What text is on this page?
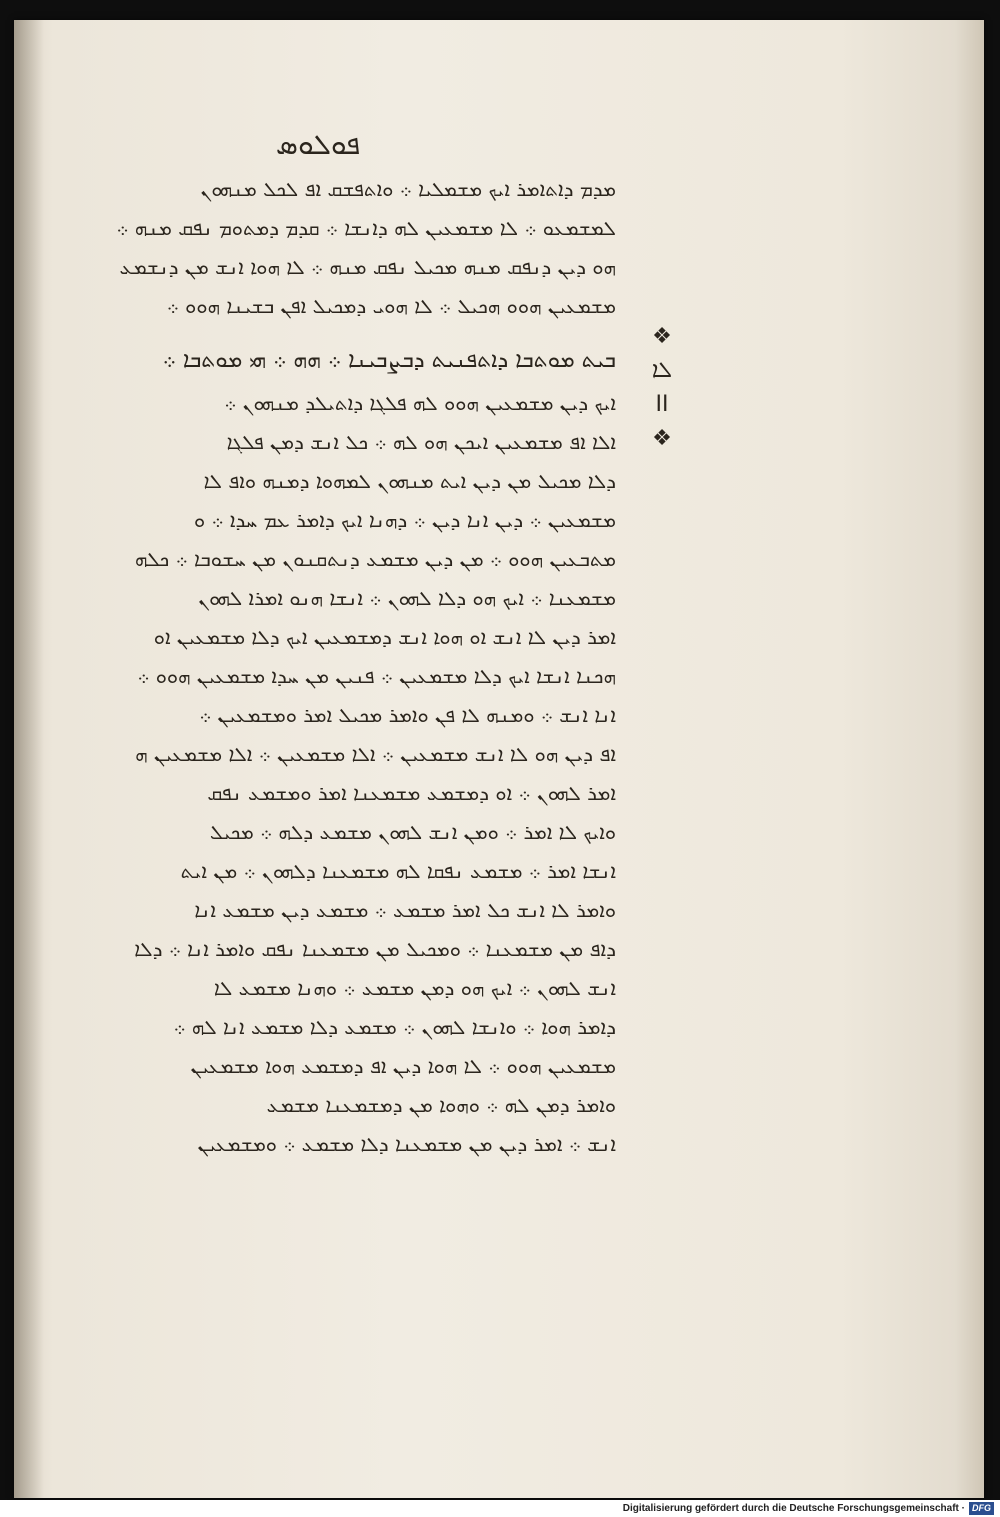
ܦܘܠܘܣ
ܡܕܡ ܕܐܬܐܡܪ ܐܝܟ ܡܫܡܠܝܐ ܀ ܘܐܬܦܫܩ ܐܦ ܠܟܠ ܡܢܗܘܢ
ܠܡܫܡܥܘ ܀ ܠܐ ܡܫܡܥܝܢ ܠܗ ܕܐܢܫܐ ܀ ܩܕܡ ܕܡܬܘܡ ܢܦܩ ܡܢܗ ܀
ܗܘ ܕܝܢ ܕܢܦܩ ܡܢܗ ܡܟܝܠ ܢܦܩ ܡܢܗ ܀ ܠܐ ܗܘܐ ܐܢܫ ܡܢ ܕܢܫܡܥ
ܡܫܡܥܝܢ ܗܘܘ ܗܟܝܠ ܀ ܠܐ ܗܘܝ ܕܡܟܝܠ ܐܦܢ ܒܫܝܢܐ ܗܘܘ ܀
ܒܝܬ ܡܘܬܒܐ ܕܐܬܦܢܝܬ ܕܒܨܒܝܢܐ ܀ ܗܗ ܀ ܗܝ ܡܘܬܒܐ ܀
ܐܝܟ ܕܝܢ ܡܫܡܥܝܢ ܗܘܘ ܠܗ ܦܠܓܐ ܕܐܬܝܠܕ ܡܢܗܘܢ ܀
ܐܠܐ ܐܦ ܡܫܡܥܝܢ ܐܝܟܢ ܗܘ ܠܗ ܀ ܟܠ ܐܢܫ ܕܡܢ ܦܠܓܐ
ܕܠܐ ܡܟܝܠ ܡܢ ܕܝܢ ܐܝܬ ܡܢܗܘܢ ܠܡܗܘܐ ܕܡܢܗ ܘܐܦ ܠܐ
ܡܫܡܥܝܢ ܀ ܕܝܢ ܐܢܐ ܕܝܢ ܀ ܕܗܢܐ ܐܝܟ ܕܐܡܪ ܥܡ ܚܕܐ ܀ ܘ
ܡܬܒܥܝܢ ܗܘܘ ܀ ܡܢ ܕܝܢ ܡܫܡܥ ܕܢܬܩܢܘܢ ܡܢ ܚܫܘܒܐ ܀ ܟܠܗ
ܡܫܡܥܢܐ ܀ ܐܝܟ ܗܘ ܕܠܐ ܠܗܘܢ ܀ ܐܢܫܐ ܗܢܘ ܐܡܪܐ ܠܗܘܢ
ܐܡܪ ܕܝܢ ܠܐ ܐܢܫ ܐܘ ܗܘܐ ܐܢܫ ܕܡܫܡܥܝܢ ܐܝܟ ܕܠܐ ܡܫܡܥܝܢ ܐܘ
ܗܟܢܐ ܐܢܫܐ ܐܝܟ ܕܠܐ ܡܫܡܥܝܢ ܀ ܦܢܝܢ ܡܢ ܚܕܐ ܡܫܡܥܝܢ ܗܘܘ ܀
ܐܢܐ ܐܢܫ ܀ ܘܡܢܗ ܠܐ ܦܢ ܘܐܡܪ ܡܟܝܠ ܐܡܪ ܘܡܫܡܥܝܢ ܀
ܐܦ ܕܝܢ ܗܘ ܠܐ ܐܢܫ ܡܫܡܥܝܢ ܀ ܐܠܐ ܡܫܡܥܝܢ ܀ ܐܠܐ ܡܫܡܥܝܢ ܗ
ܐܡܪ ܠܗܘܢ ܀ ܐܘ ܕܡܫܡܥ ܡܫܡܥܢܐ ܐܡܪ ܘܡܫܡܥ ܢܦܩ
ܘܐܝܟ ܠܐ ܐܡܪ ܀ ܘܡܢ ܐܢܫ ܠܗܘܢ ܡܫܡܥ ܕܠܗ ܀ ܡܟܝܠ
ܐܢܫܐ ܐܡܪ ܀ ܡܫܡܥ ܢܦܩܐ ܠܗ ܡܫܡܥܢܐ ܕܠܗܘܢ ܀ ܡܢ ܐܝܬ
ܘܐܡܪ ܠܐ ܐܢܫ ܟܠ ܐܡܪ ܡܫܡܥ ܀ ܡܫܡܥ ܕܝܢ ܡܫܡܥ ܐܢܐ
ܕܐܦ ܡܢ ܡܫܡܥܢܐ ܀ ܘܡܟܝܠ ܡܢ ܡܫܡܥܢܐ ܢܦܩ ܘܐܡܪ ܐܢܐ ܀ ܕܠܐ
ܐܢܫ ܠܗܘܢ ܀ ܐܝܟ ܗܘ ܕܡܢ ܡܫܡܥ ܀ ܘܗܢܐ ܡܫܡܥ ܠܐ
ܕܐܡܪ ܗܘܐ ܀ ܘܐܢܫܐ ܠܗܘܢ ܀ ܡܫܡܥ ܕܠܐ ܡܫܡܥ ܐܢܐ ܠܗ ܀
ܡܫܡܥܝܢ ܗܘܘ ܀ ܠܐ ܗܘܐ ܕܝܢ ܐܦ ܕܡܫܡܥ ܗܘܐ ܡܫܡܥܝܢ
ܘܐܡܪ ܕܡܢ ܠܗ ܀ ܘܗܘܐ ܡܢ ܕܡܫܡܥܢܐ ܡܫܡܥ
ܐܢܫ ܀ ܐܡܪ ܕܝܢ ܡܢ ܡܫܡܥܢܐ ܕܠܐ ܡܫܡܥ ܀ ܘܡܫܡܥܝܢ
❖
ܠܐ
II
❖
Digitalisierung gefördert durch die Deutsche Forschungsgemeinschaft · DFG
